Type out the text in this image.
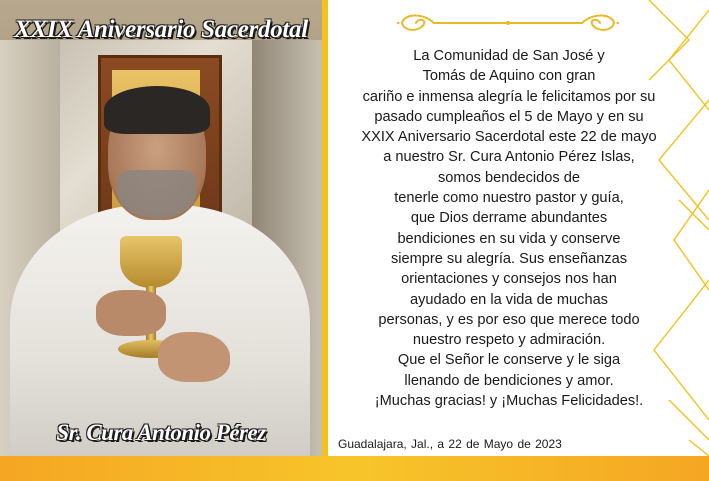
XXIX Aniversario Sacerdotal
Sr. Cura Antonio Pérez
La Comunidad de San José y
Tomás de Aquino con gran
cariño e inmensa alegría le felicitamos por su
pasado cumpleaños el 5 de Mayo y en su
XXIX Aniversario Sacerdotal este 22 de mayo
a nuestro Sr. Cura Antonio Pérez Islas,
somos bendecidos de
tenerle como nuestro pastor y guía,
que Dios derrame abundantes
bendiciones en su vida y conserve
siempre su alegría. Sus enseñanzas
orientaciones y consejos nos han
ayudado en la vida de muchas
personas, y es por eso que merece todo
nuestro respeto y admiración.
Que el Señor le conserve y le siga
llenando de bendiciones y amor.
¡Muchas gracias! y ¡Muchas Felicidades!.
Guadalajara, Jal., a 22 de Mayo de 2023
